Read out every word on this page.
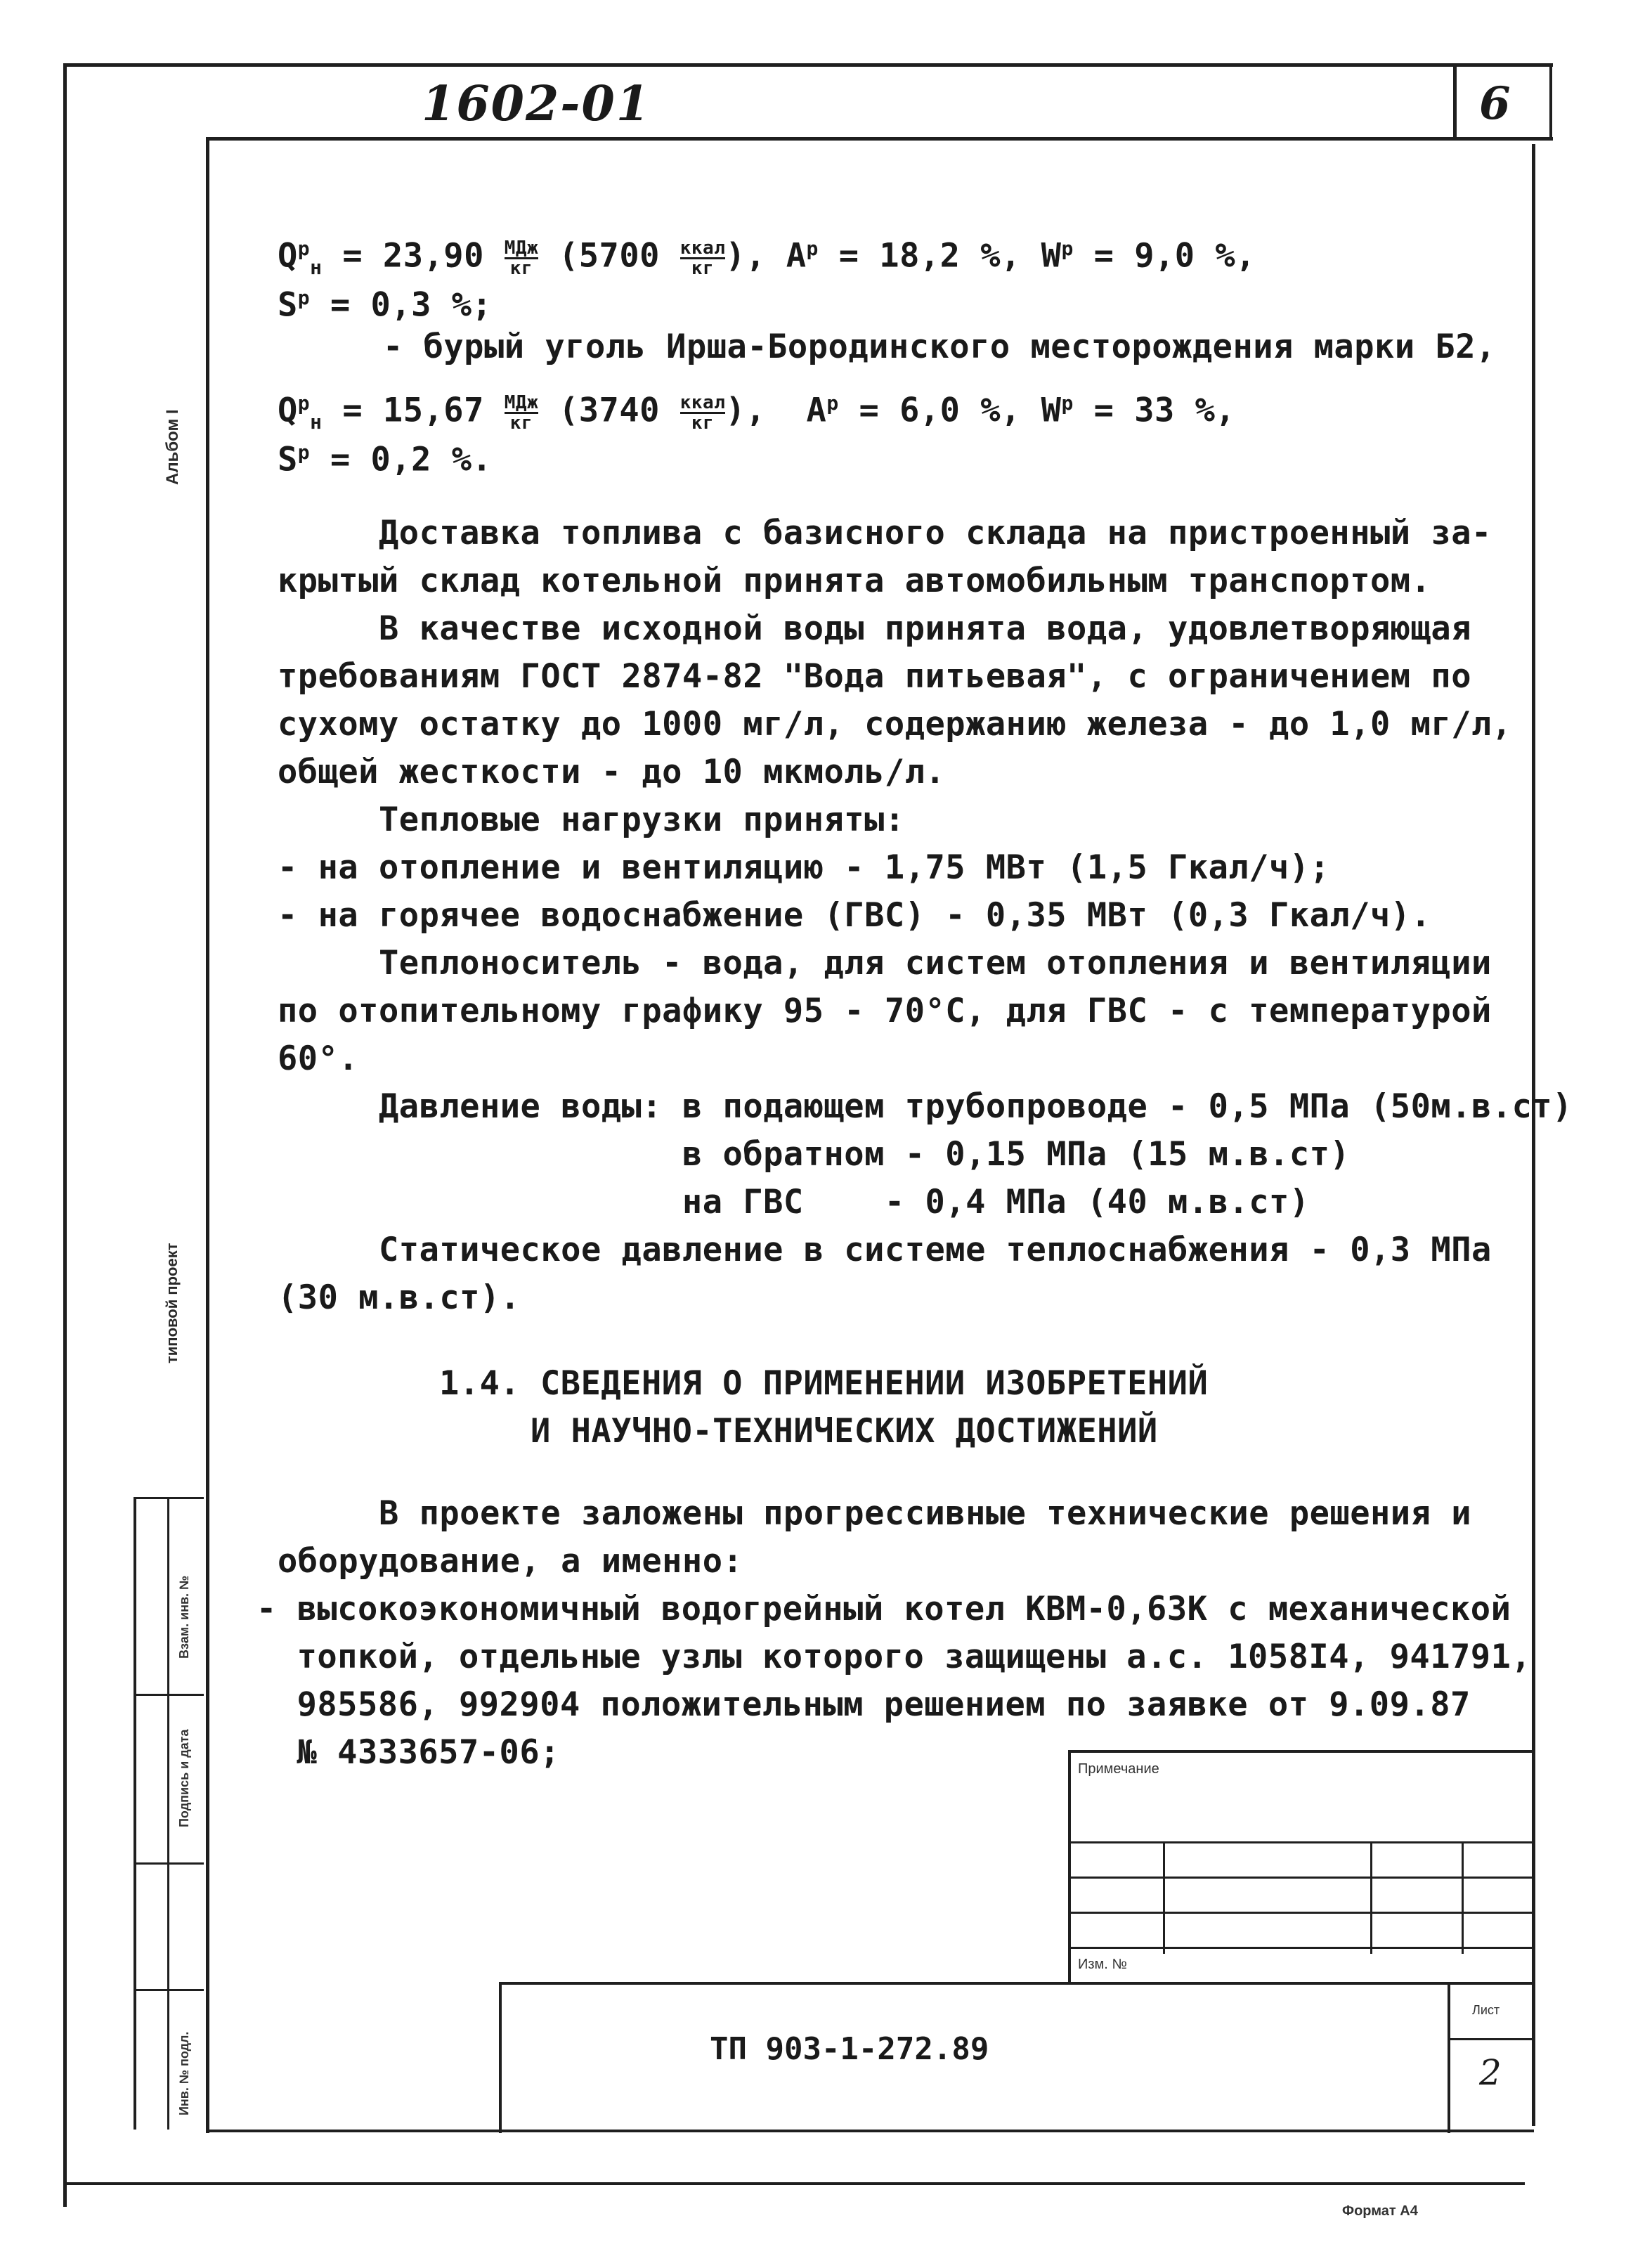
6
1602-01
Альбом I
типовой проект
Взам. инв. №
Подпись и дата
Инв. № подл.
$Q^р_н = 23,90 \frac{\text{МДж}}{кг} (5700 \frac{\text{ккал}}{кг}$ ), $A^р = 18,2$ %, $W^р = 9,0$ %,
$S^р = 0,3$ %;
- бурый уголь Ирша-Бородинского месторождения марки Б2,
$Q^р_н = 15,67 \frac{\text{МДж}}{кг} (3740 \frac{\text{ккал}}{кг}$ ),  $A^р = 6,0$ %, $W^р = 33$ %,
$S^р = 0,2$ %.
Доставка топлива с базисного склада на пристроенный за-
крытый склад котельной принята автомобильным транспортом.
В качестве исходной воды принята вода, удовлетворяющая
требованиям ГОСТ 2874-82 "Вода питьевая", с ограничением по
сухому остатку до 1000 мг/л, содержанию железа - до 1,0 мг/л,
общей жесткости - до 10 мкмоль/л.
Тепловые нагрузки приняты:
- на отопление и вентиляцию - 1,75 МВт (1,5 Гкал/ч);
- на горячее водоснабжение (ГВС) - 0,35 МВт (0,3 Гкал/ч).
Теплоноситель - вода, для систем отопления и вентиляции
по отопительному графику 95 - 70°С, для ГВС - с температурой
60°.
Давление воды: в подающем трубопроводе - 0,5 МПа (50м.в.ст)
в обратном - 0,15 МПа (15 м.в.ст)
на ГВС    - 0,4 МПа (40 м.в.ст)
Статическое давление в системе теплоснабжения - 0,3 МПа
(30 м.в.ст).
1.4. СВЕДЕНИЯ О ПРИМЕНЕНИИ ИЗОБРЕТЕНИЙ
И НАУЧНО-ТЕХНИЧЕСКИХ ДОСТИЖЕНИЙ
В проекте заложены прогрессивные технические решения и
оборудование, а именно:
- высокоэкономичный водогрейный котел КВМ-0,63К с механической
топкой, отдельные узлы которого защищены а.с. 1058I4, 941791,
985586, 992904 положительным решением по заявке от 9.09.87
№ 4333657-06;	Примечание
Изм. №
ТП 903-1-272.89
Лист
2
Формат А4
